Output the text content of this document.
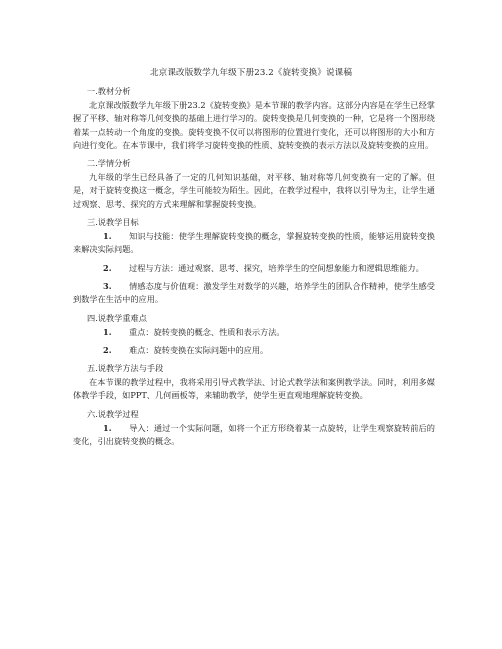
北京课改版数学九年级下册23.2《旋转变换》说课稿
一.教材分析

北京课改版数学九年级下册23.2《旋转变换》是本节课的教学内容。这部分内容是在学生已经掌握了平移、轴对称等几何变换的基础上进行学习的。旋转变换是几何变换的一种，它是将一个图形绕着某一点转动一个角度的变换。旋转变换不仅可以将图形的位置进行变化，还可以将图形的大小和方向进行变化。在本节课中，我们将学习旋转变换的性质、旋转变换的表示方法以及旋转变换的应用。

二.学情分析

九年级的学生已经具备了一定的几何知识基础，对平移、轴对称等几何变换有一定的了解。但是，对于旋转变换这一概念，学生可能较为陌生。因此，在教学过程中，我将以引导为主，让学生通过观察、思考、探究的方式来理解和掌握旋转变换。

三.说教学目标

1. 知识与技能：使学生理解旋转变换的概念，掌握旋转变换的性质，能够运用旋转变换来解决实际问题。

2. 过程与方法：通过观察、思考、探究，培养学生的空间想象能力和逻辑思维能力。

3. 情感态度与价值观：激发学生对数学的兴趣，培养学生的团队合作精神，使学生感受到数学在生活中的应用。

四.说教学重难点

1. 重点：旋转变换的概念、性质和表示方法。

2. 难点：旋转变换在实际问题中的应用。

五.说教学方法与手段

在本节课的教学过程中，我将采用引导式教学法、讨论式教学法和案例教学法。同时，利用多媒体教学手段，如PPT、几何画板等，来辅助教学，使学生更直观地理解旋转变换。

六.说教学过程

1. 导入：通过一个实际问题，如将一个正方形绕着某一点旋转，让学生观察旋转前后的变化，引出旋转变换的概念。
